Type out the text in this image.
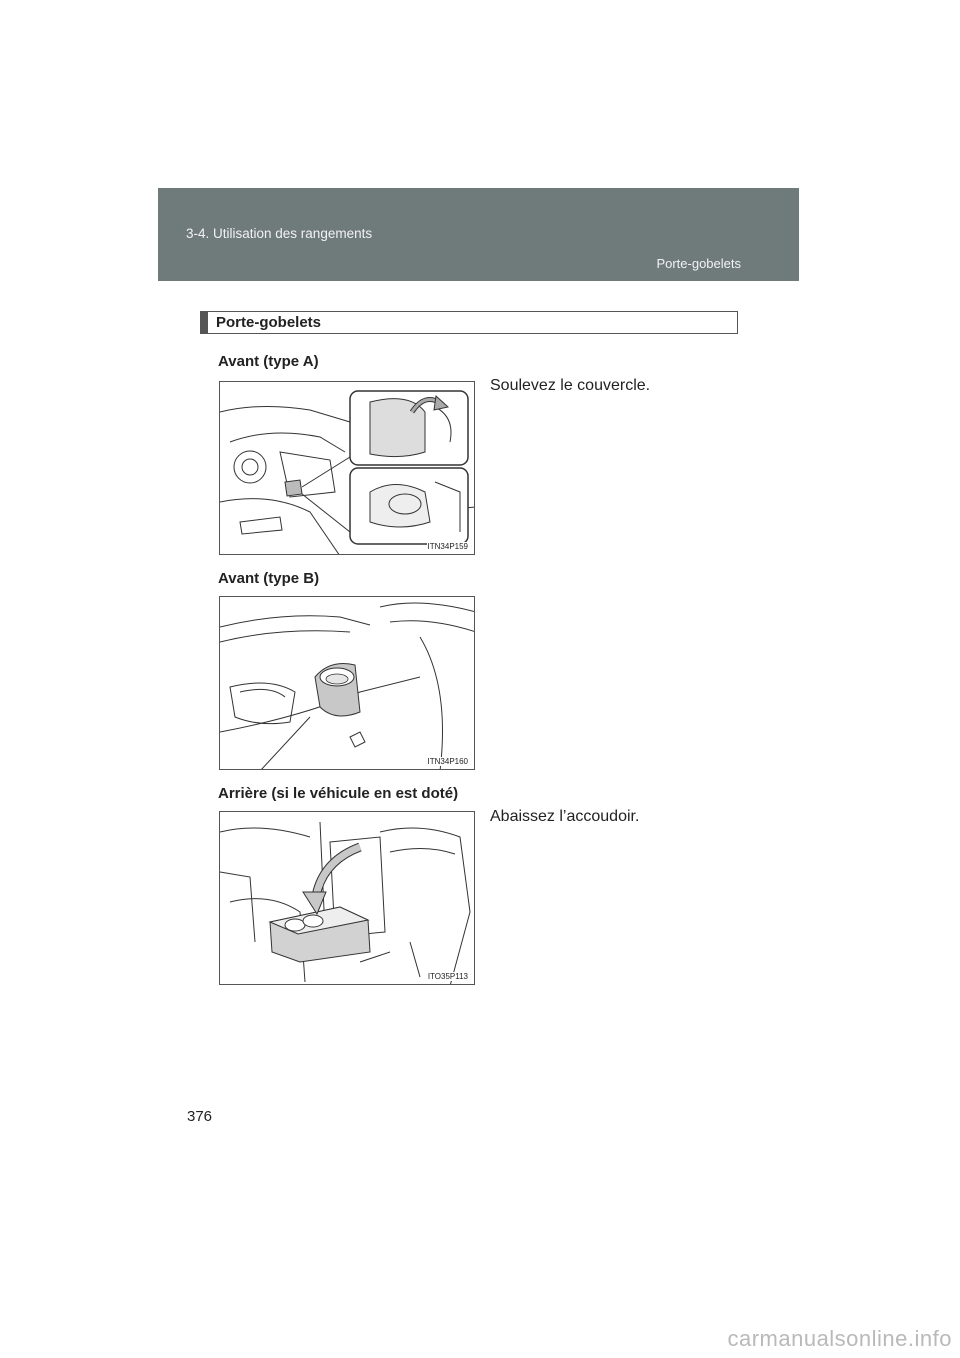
3-4. Utilisation des rangements
Porte-gobelets
Porte-gobelets
Avant (type A)
Soulevez le couvercle.
ITN34P159
Avant (type B)
ITN34P160
Arrière (si le véhicule en est doté)
Abaissez l’accoudoir.
ITO35P113
376
carmanualsonline.info
